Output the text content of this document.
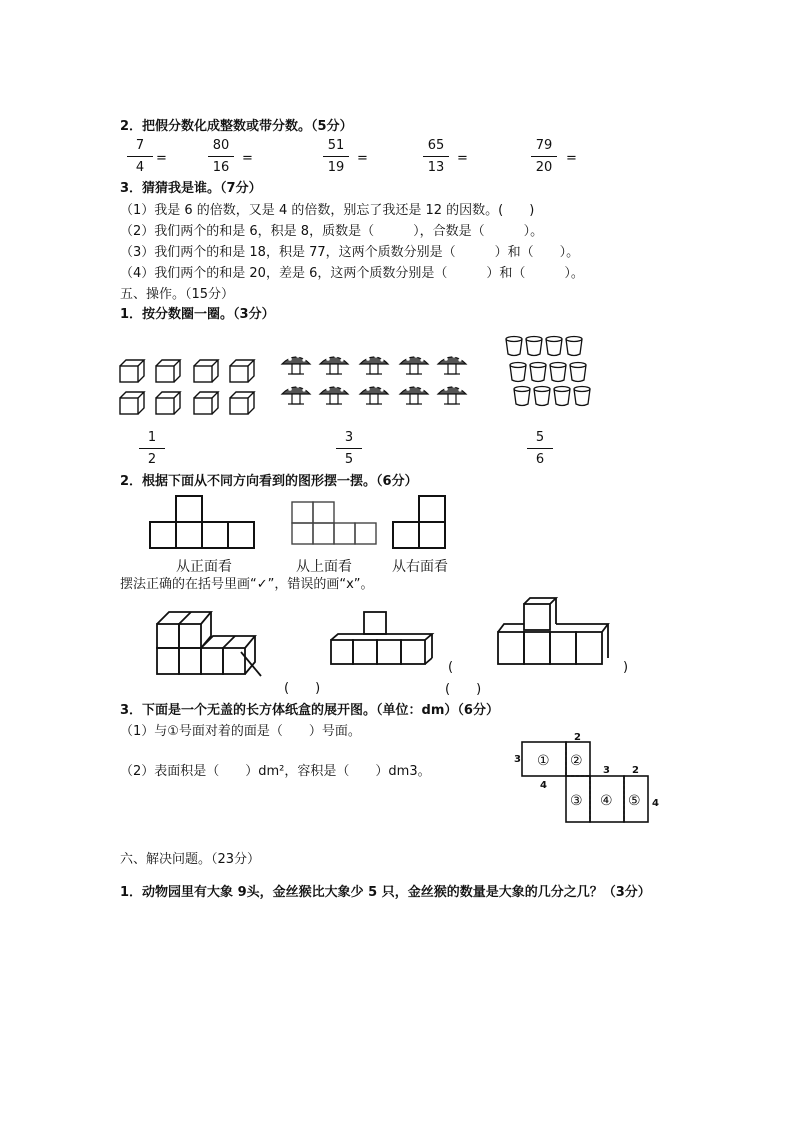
2．把假分数化成整数或带分数。（5分）
7
4
=
80
16
=
51
19
=
65
13
=
79
20
=
3．猜猜我是谁。（7分）
（1）我是 6 的倍数，又是 4 的倍数，别忘了我还是 12 的因数。(　　)
（2）我们两个的和是 6，积是 8，质数是（　　　），合数是（　　　）。
（3）我们两个的和是 18，积是 77，这两个质数分别是（　　　）和（　　）。
（4）我们两个的和是 20，差是 6，这两个质数分别是（　　　）和（　　　）。
五、操作。（15分）
1．按分数圈一圈。（3分）
1
2
3
5
5
6
2．根据下面从不同方向看到的图形摆一摆。（6分）
从正面看	从上面看	从右面看
摆法正确的在括号里画“✓”，错误的画“x”。
(　　)
(
(　　)
)
3．下面是一个无盖的长方体纸盒的展开图。（单位：dm）（6分）
（1）与①号面对着的面是（　　）号面。
（2）表面积是（　　）dm²，容积是（　　）dm3。
① ②
③ ④ ⑤
3
2
4
3 2
4
六、解决问题。（23分）
1．动物园里有大象 9头，金丝猴比大象少 5 只，金丝猴的数量是大象的几分之几？（3分）
